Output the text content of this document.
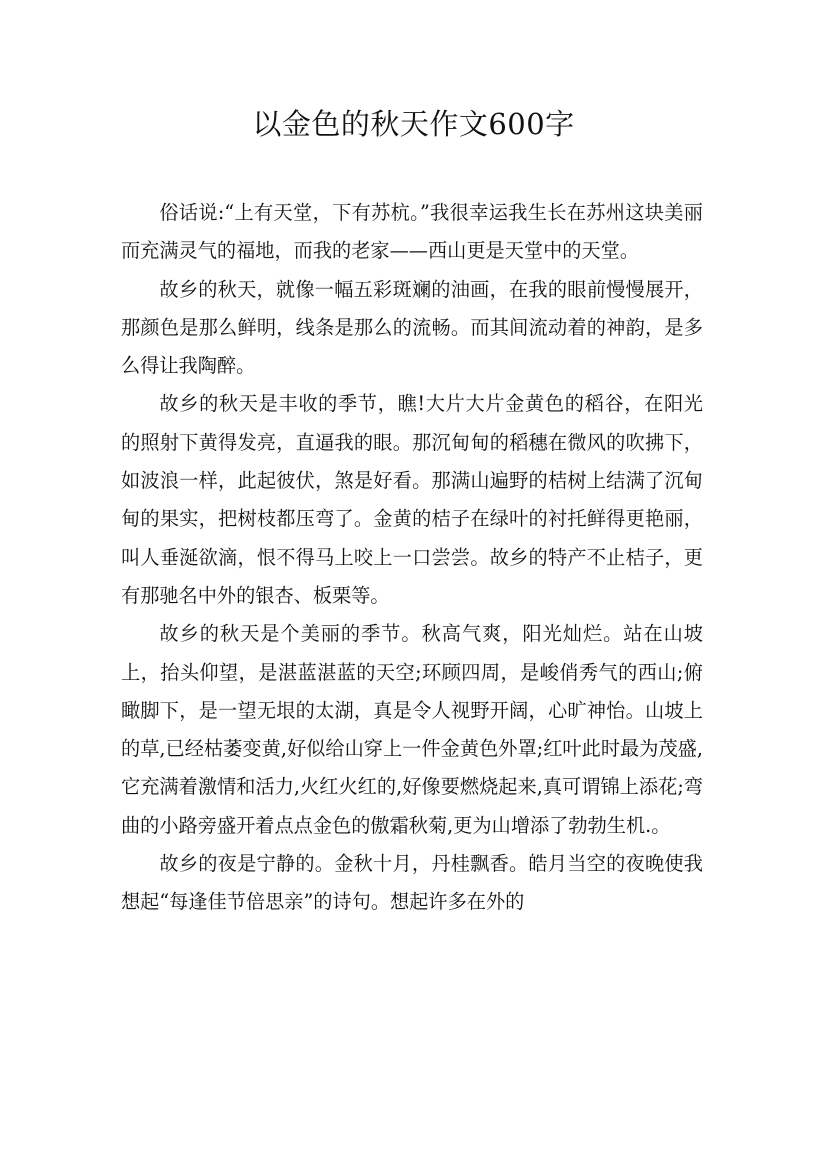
以金色的秋天作文600字

俗话说:“上有天堂，下有苏杭。”我很幸运我生长在苏州这块美丽而充满灵气的福地，而我的老家——西山更是天堂中的天堂。

故乡的秋天，就像一幅五彩斑斓的油画，在我的眼前慢慢展开，那颜色是那么鲜明，线条是那么的流畅。而其间流动着的神韵，是多么得让我陶醉。

故乡的秋天是丰收的季节，瞧!大片大片金黄色的稻谷，在阳光的照射下黄得发亮，直逼我的眼。那沉甸甸的稻穗在微风的吹拂下，如波浪一样，此起彼伏，煞是好看。那满山遍野的桔树上结满了沉甸甸的果实，把树枝都压弯了。金黄的桔子在绿叶的衬托鲜得更艳丽，叫人垂涎欲滴，恨不得马上咬上一口尝尝。故乡的特产不止桔子，更有那驰名中外的银杏、板栗等。

故乡的秋天是个美丽的季节。秋高气爽，阳光灿烂。站在山坡上，抬头仰望，是湛蓝湛蓝的天空;环顾四周，是峻俏秀气的西山;俯瞰脚下，是一望无垠的太湖，真是令人视野开阔，心旷神怡。山坡上的草,已经枯萎变黄,好似给山穿上一件金黄色外罩;红叶此时最为茂盛,它充满着激情和活力,火红火红的,好像要燃烧起来,真可谓锦上添花;弯曲的小路旁盛开着点点金色的傲霜秋菊,更为山增添了勃勃生机.。

故乡的夜是宁静的。金秋十月，丹桂飘香。皓月当空的夜晚使我想起“每逢佳节倍思亲”的诗句。想起许多在外的
